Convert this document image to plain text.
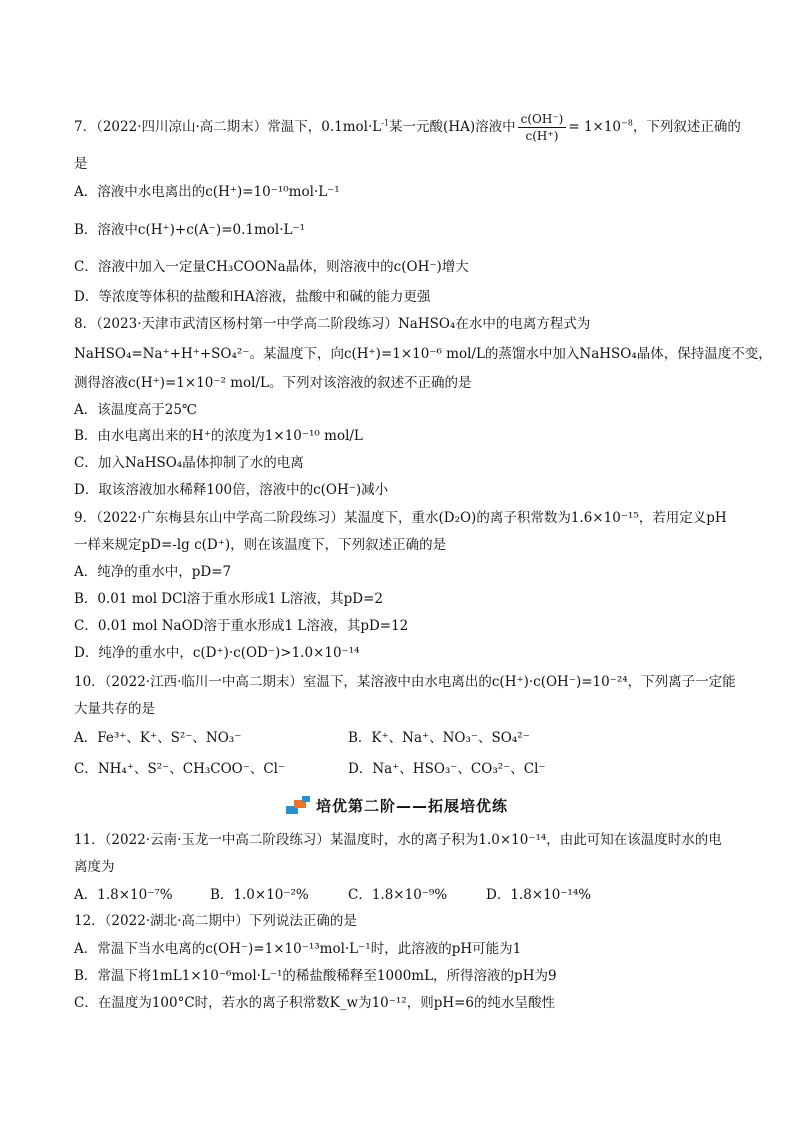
7．（2022·四川凉山·高二期末）常温下，$0.1mol\cdot L^{-1}$某一元酸(HA)溶液中 $\frac{c(OH^-)}{c(H^+)} = 1\times 10^{-8}$，下列叙述正确的
是
A．溶液中水电离出的c(H⁺)=10⁻¹⁰mol·L⁻¹
B．溶液中c(H⁺)+c(A⁻)=0.1mol·L⁻¹
C．溶液中加入一定量CH₃COONa晶体，则溶液中的c(OH⁻)增大
D．等浓度等体积的盐酸和HA溶液，盐酸中和碱的能力更强
8．（2023·天津市武清区杨村第一中学高二阶段练习）NaHSO₄在水中的电离方程式为
NaHSO₄=Na⁺+H⁺+SO₄²⁻。某温度下，向c(H⁺)=1×10⁻⁶ mol/L的蒸馏水中加入NaHSO₄晶体，保持温度不变，
测得溶液c(H⁺)=1×10⁻² mol/L。下列对该溶液的叙述不正确的是
A．该温度高于25℃
B．由水电离出来的H⁺的浓度为1×10⁻¹⁰ mol/L
C．加入NaHSO₄晶体抑制了水的电离
D．取该溶液加水稀释100倍，溶液中的c(OH⁻)减小
9．（2022·广东梅县东山中学高二阶段练习）某温度下，重水(D₂O)的离子积常数为1.6×10⁻¹⁵，若用定义pH
一样来规定pD=-lg c(D⁺)，则在该温度下，下列叙述正确的是
A．纯净的重水中，pD=7
B．0.01 mol DCl溶于重水形成1 L溶液，其pD=2
C．0.01 mol NaOD溶于重水形成1 L溶液，其pD=12
D．纯净的重水中，c(D⁺)·c(OD⁻)>1.0×10⁻¹⁴
10．（2022·江西·临川一中高二期末）室温下，某溶液中由水电离出的c(H⁺)·c(OH⁻)=10⁻²⁴，下列离子一定能
大量共存的是
A．Fe³⁺、K⁺、S²⁻、NO₃⁻	B．K⁺、Na⁺、NO₃⁻、SO₄²⁻
C．NH₄⁺、S²⁻、CH₃COO⁻、Cl⁻	D．Na⁺、HSO₃⁻、CO₃²⁻、Cl⁻
培优第二阶——拓展培优练
11．（2022·云南·玉龙一中高二阶段练习）某温度时，水的离子积为1.0×10⁻¹⁴，由此可知在该温度时水的电
离度为
A．1.8×10⁻⁷%	B．1.0×10⁻²%	C．1.8×10⁻⁹%	D．1.8×10⁻¹⁴%
12．（2022·湖北·高二期中）下列说法正确的是
A．常温下当水电离的c(OH⁻)=1×10⁻¹³mol·L⁻¹时，此溶液的pH可能为1
B．常温下将1mL1×10⁻⁶mol·L⁻¹的稀盐酸稀释至1000mL，所得溶液的pH为9
C．在温度为100°C时，若水的离子积常数K_w为10⁻¹²，则pH=6的纯水呈酸性
